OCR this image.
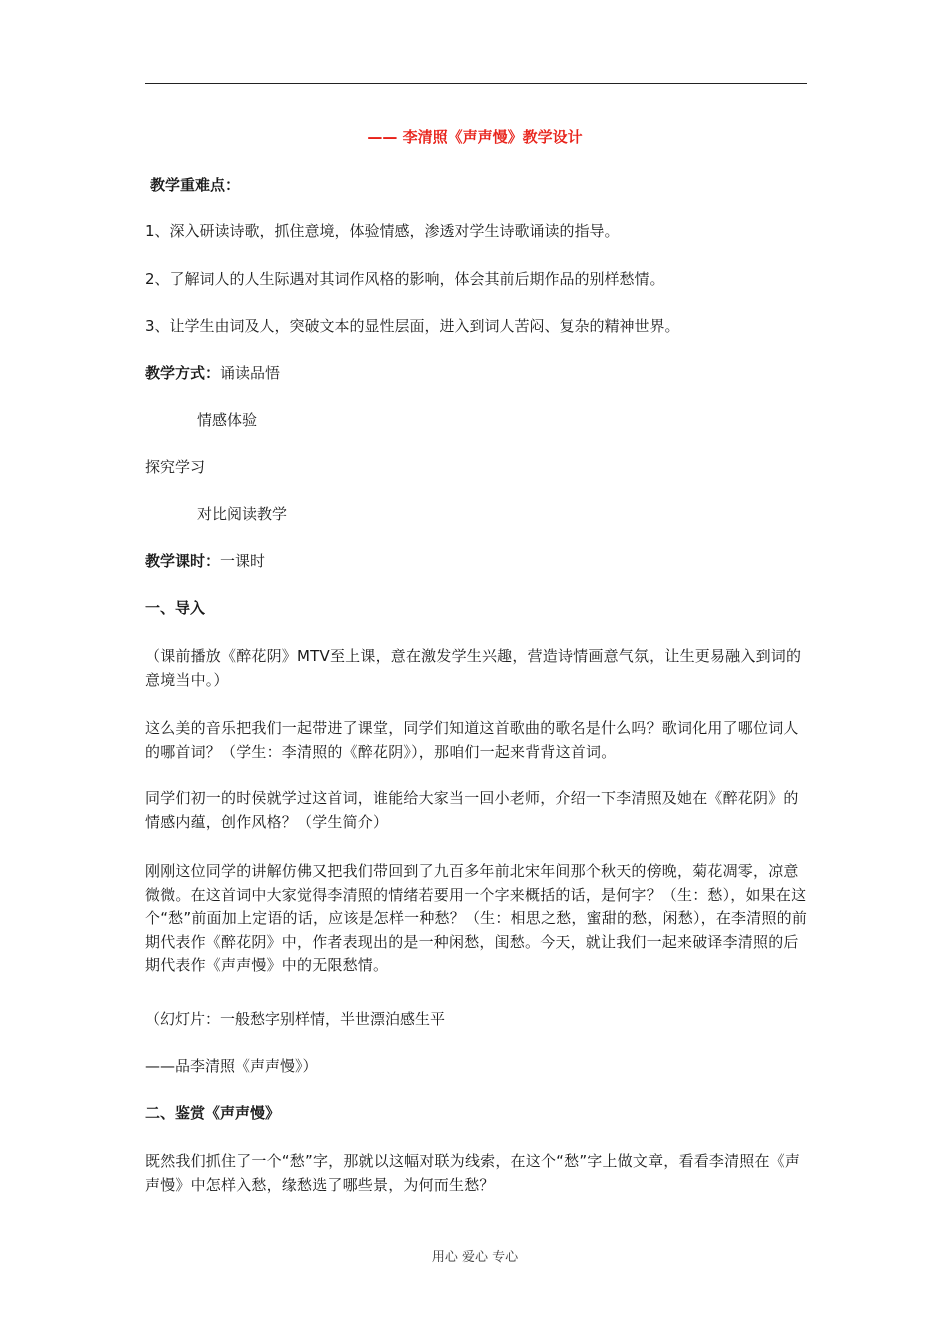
—— 李清照《声声慢》教学设计
教学重难点：
1、深入研读诗歌，抓住意境，体验情感，渗透对学生诗歌诵读的指导。
2、了解词人的人生际遇对其词作风格的影响，体会其前后期作品的别样愁情。
3、让学生由词及人，突破文本的显性层面，进入到词人苦闷、复杂的精神世界。
教学方式：诵读品悟
情感体验
探究学习
对比阅读教学
教学课时：一课时
一、导入
（课前播放《醉花阴》MTV至上课，意在激发学生兴趣，营造诗情画意气氛，让生更易融入到词的意境当中。）
这么美的音乐把我们一起带进了课堂，同学们知道这首歌曲的歌名是什么吗？歌词化用了哪位词人的哪首词？（学生：李清照的《醉花阴》），那咱们一起来背背这首词。
同学们初一的时侯就学过这首词，谁能给大家当一回小老师，介绍一下李清照及她在《醉花阴》的情感内蕴，创作风格？（学生简介）
刚刚这位同学的讲解仿佛又把我们带回到了九百多年前北宋年间那个秋天的傍晚，菊花凋零，凉意微微。在这首词中大家觉得李清照的情绪若要用一个字来概括的话，是何字？（生：愁），如果在这个“愁”前面加上定语的话，应该是怎样一种愁？（生：相思之愁，蜜甜的愁，闲愁），在李清照的前期代表作《醉花阴》中，作者表现出的是一种闲愁，闺愁。今天，就让我们一起来破译李清照的后期代表作《声声慢》中的无限愁情。
（幻灯片：一般愁字别样情，半世漂泊感生平
——品李清照《声声慢》）
二、鉴赏《声声慢》
既然我们抓住了一个“愁”字，那就以这幅对联为线索，在这个“愁”字上做文章，看看李清照在《声声慢》中怎样入愁，缘愁选了哪些景，为何而生愁？
用心 爱心 专心
